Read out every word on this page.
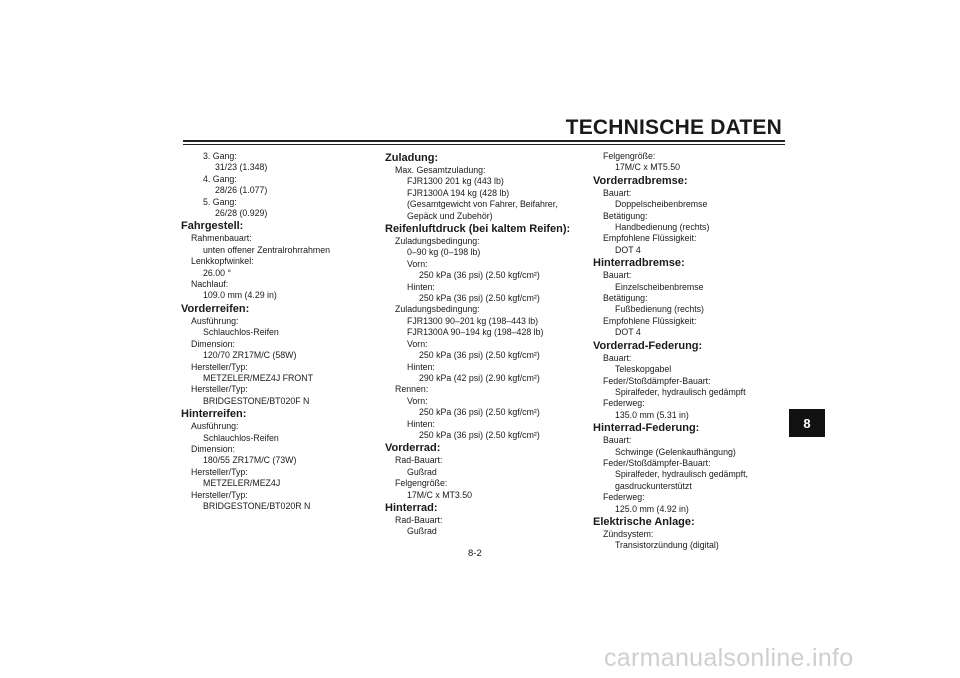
TECHNISCHE DATEN
3. Gang:
31/23 (1.348)
4. Gang:
28/26 (1.077)
5. Gang:
26/28 (0.929)
Fahrgestell:
Rahmenbauart:
unten offener Zentralrohrrahmen
Lenkkopfwinkel:
26.00 °
Nachlauf:
109.0 mm (4.29 in)
Vorderreifen:
Ausführung:
Schlauchlos-Reifen
Dimension:
120/70 ZR17M/C (58W)
Hersteller/Typ:
METZELER/MEZ4J FRONT
Hersteller/Typ:
BRIDGESTONE/BT020F N
Hinterreifen:
Ausführung:
Schlauchlos-Reifen
Dimension:
180/55 ZR17M/C (73W)
Hersteller/Typ:
METZELER/MEZ4J
Hersteller/Typ:
BRIDGESTONE/BT020R N
Zuladung:
Max. Gesamtzuladung:
FJR1300 201 kg (443 lb)
FJR1300A 194 kg (428 lb)
(Gesamtgewicht von Fahrer, Beifahrer,
Gepäck und Zubehör)
Reifenluftdruck (bei kaltem Reifen):
Zuladungsbedingung:
0–90 kg (0–198 lb)
Vorn:
250 kPa (36 psi) (2.50 kgf/cm²)
Hinten:
250 kPa (36 psi) (2.50 kgf/cm²)
Zuladungsbedingung:
FJR1300 90–201 kg (198–443 lb)
FJR1300A 90–194 kg (198–428 lb)
Vorn:
250 kPa (36 psi) (2.50 kgf/cm²)
Hinten:
290 kPa (42 psi) (2.90 kgf/cm²)
Rennen:
Vorn:
250 kPa (36 psi) (2.50 kgf/cm²)
Hinten:
250 kPa (36 psi) (2.50 kgf/cm²)
Vorderrad:
Rad-Bauart:
Gußrad
Felgengröße:
17M/C x MT3.50
Hinterrad:
Rad-Bauart:
Gußrad
Felgengröße:
17M/C x MT5.50
Vorderradbremse:
Bauart:
Doppelscheibenbremse
Betätigung:
Handbedienung (rechts)
Empfohlene Flüssigkeit:
DOT 4
Hinterradbremse:
Bauart:
Einzelscheibenbremse
Betätigung:
Fußbedienung (rechts)
Empfohlene Flüssigkeit:
DOT 4
Vorderrad-Federung:
Bauart:
Teleskopgabel
Feder/Stoßdämpfer-Bauart:
Spiralfeder, hydraulisch gedämpft
Federweg:
135.0 mm (5.31 in)
Hinterrad-Federung:
Bauart:
Schwinge (Gelenkaufhängung)
Feder/Stoßdämpfer-Bauart:
Spiralfeder, hydraulisch gedämpft,
gasdruckunterstützt
Federweg:
125.0 mm (4.92 in)
Elektrische Anlage:
Zündsystem:
Transistorzündung (digital)
8
8-2
carmanualsonline.info
